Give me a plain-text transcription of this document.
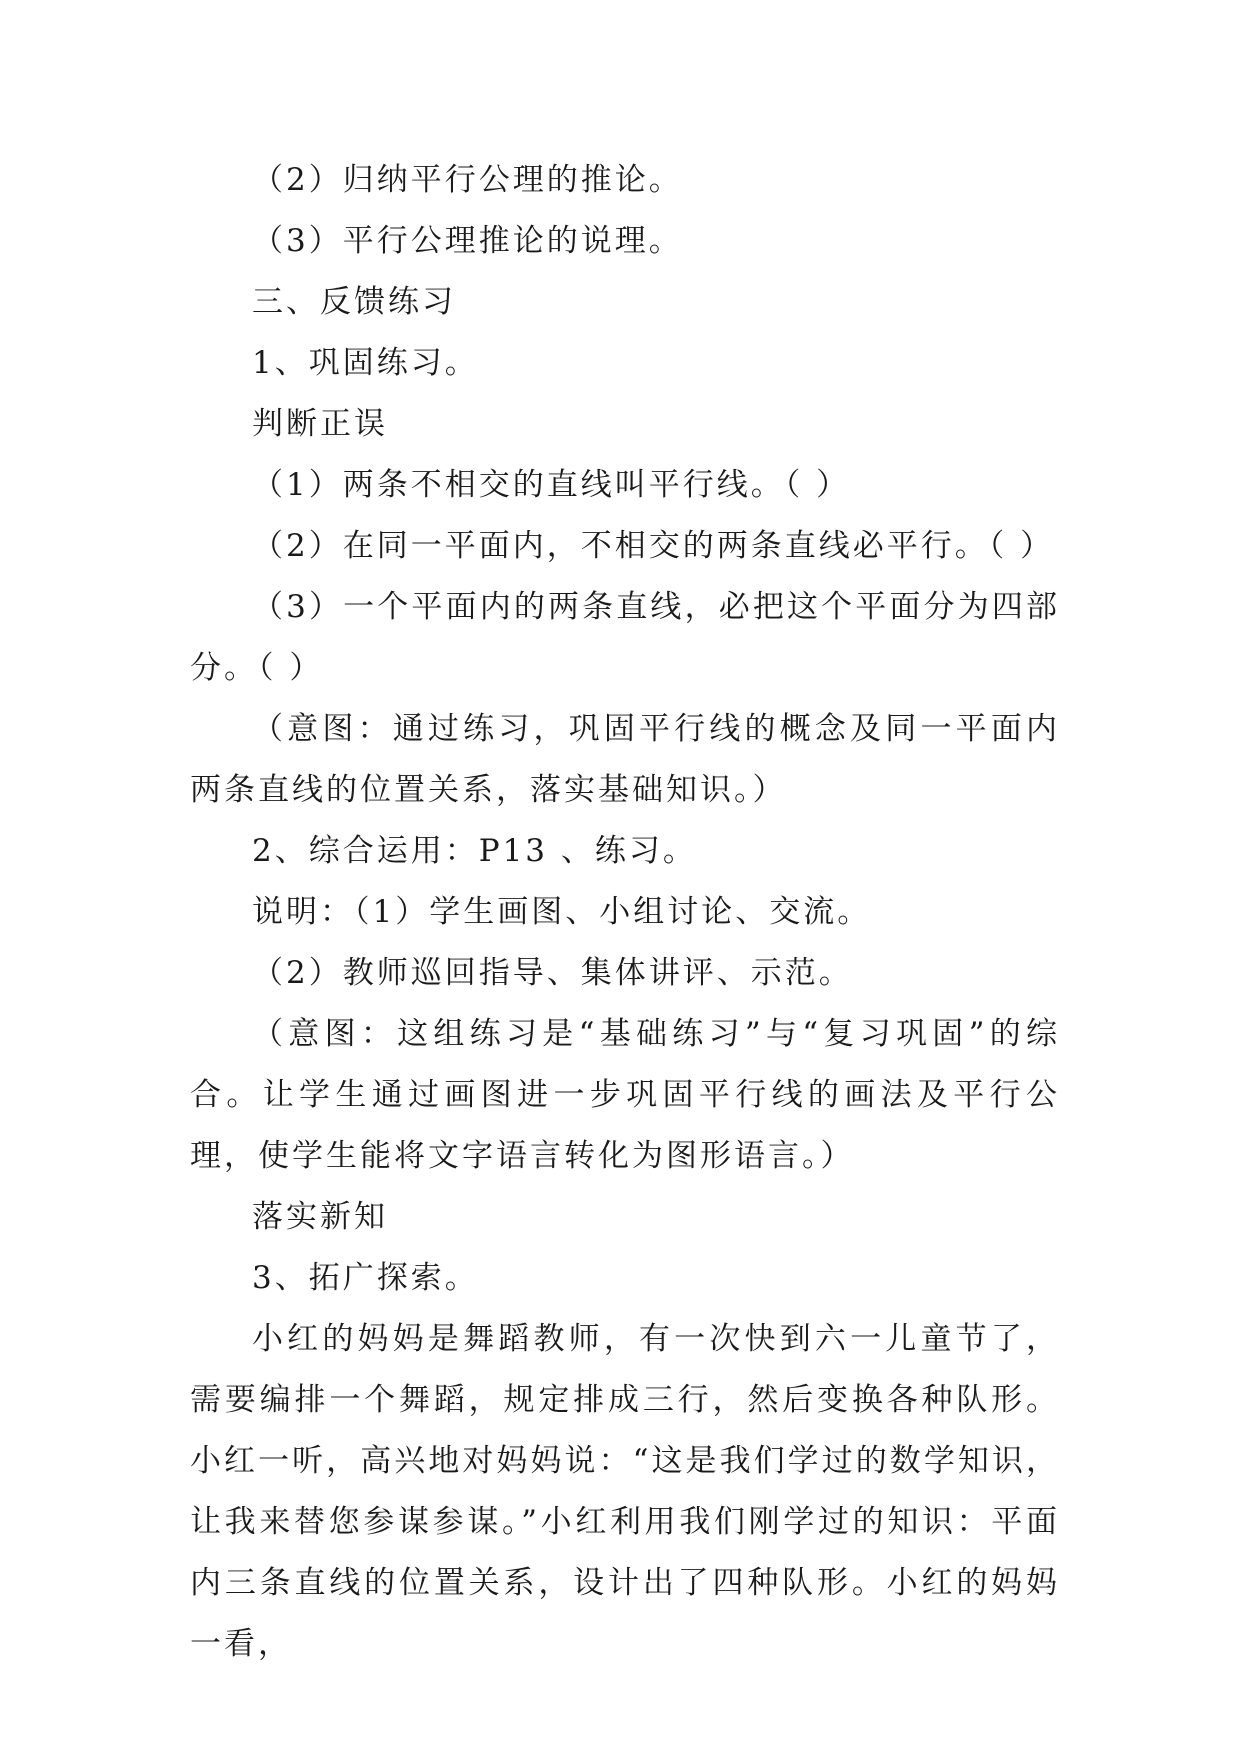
（2）归纳平行公理的推论。

（3）平行公理推论的说理。

三、反馈练习

1、巩固练习。

判断正误

（1）两条不相交的直线叫平行线。（ ）

（2）在同一平面内，不相交的两条直线必平行。（ ）

（3）一个平面内的两条直线，必把这个平面分为四部分。（ ）

（意图：通过练习，巩固平行线的概念及同一平面内两条直线的位置关系，落实基础知识。）

2、综合运用：P13 、练习。

说明：（1）学生画图、小组讨论、交流。

（2）教师巡回指导、集体讲评、示范。

（意图：这组练习是“基础练习”与“复习巩固”的综合。让学生通过画图进一步巩固平行线的画法及平行公理，使学生能将文字语言转化为图形语言。）

落实新知

3、拓广探索。

小红的妈妈是舞蹈教师，有一次快到六一儿童节了，需要编排一个舞蹈，规定排成三行，然后变换各种队形。小红一听，高兴地对妈妈说：“这是我们学过的数学知识，让我来替您参谋参谋。”小红利用我们刚学过的知识：平面内三条直线的位置关系，设计出了四种队形。小红的妈妈一看，
